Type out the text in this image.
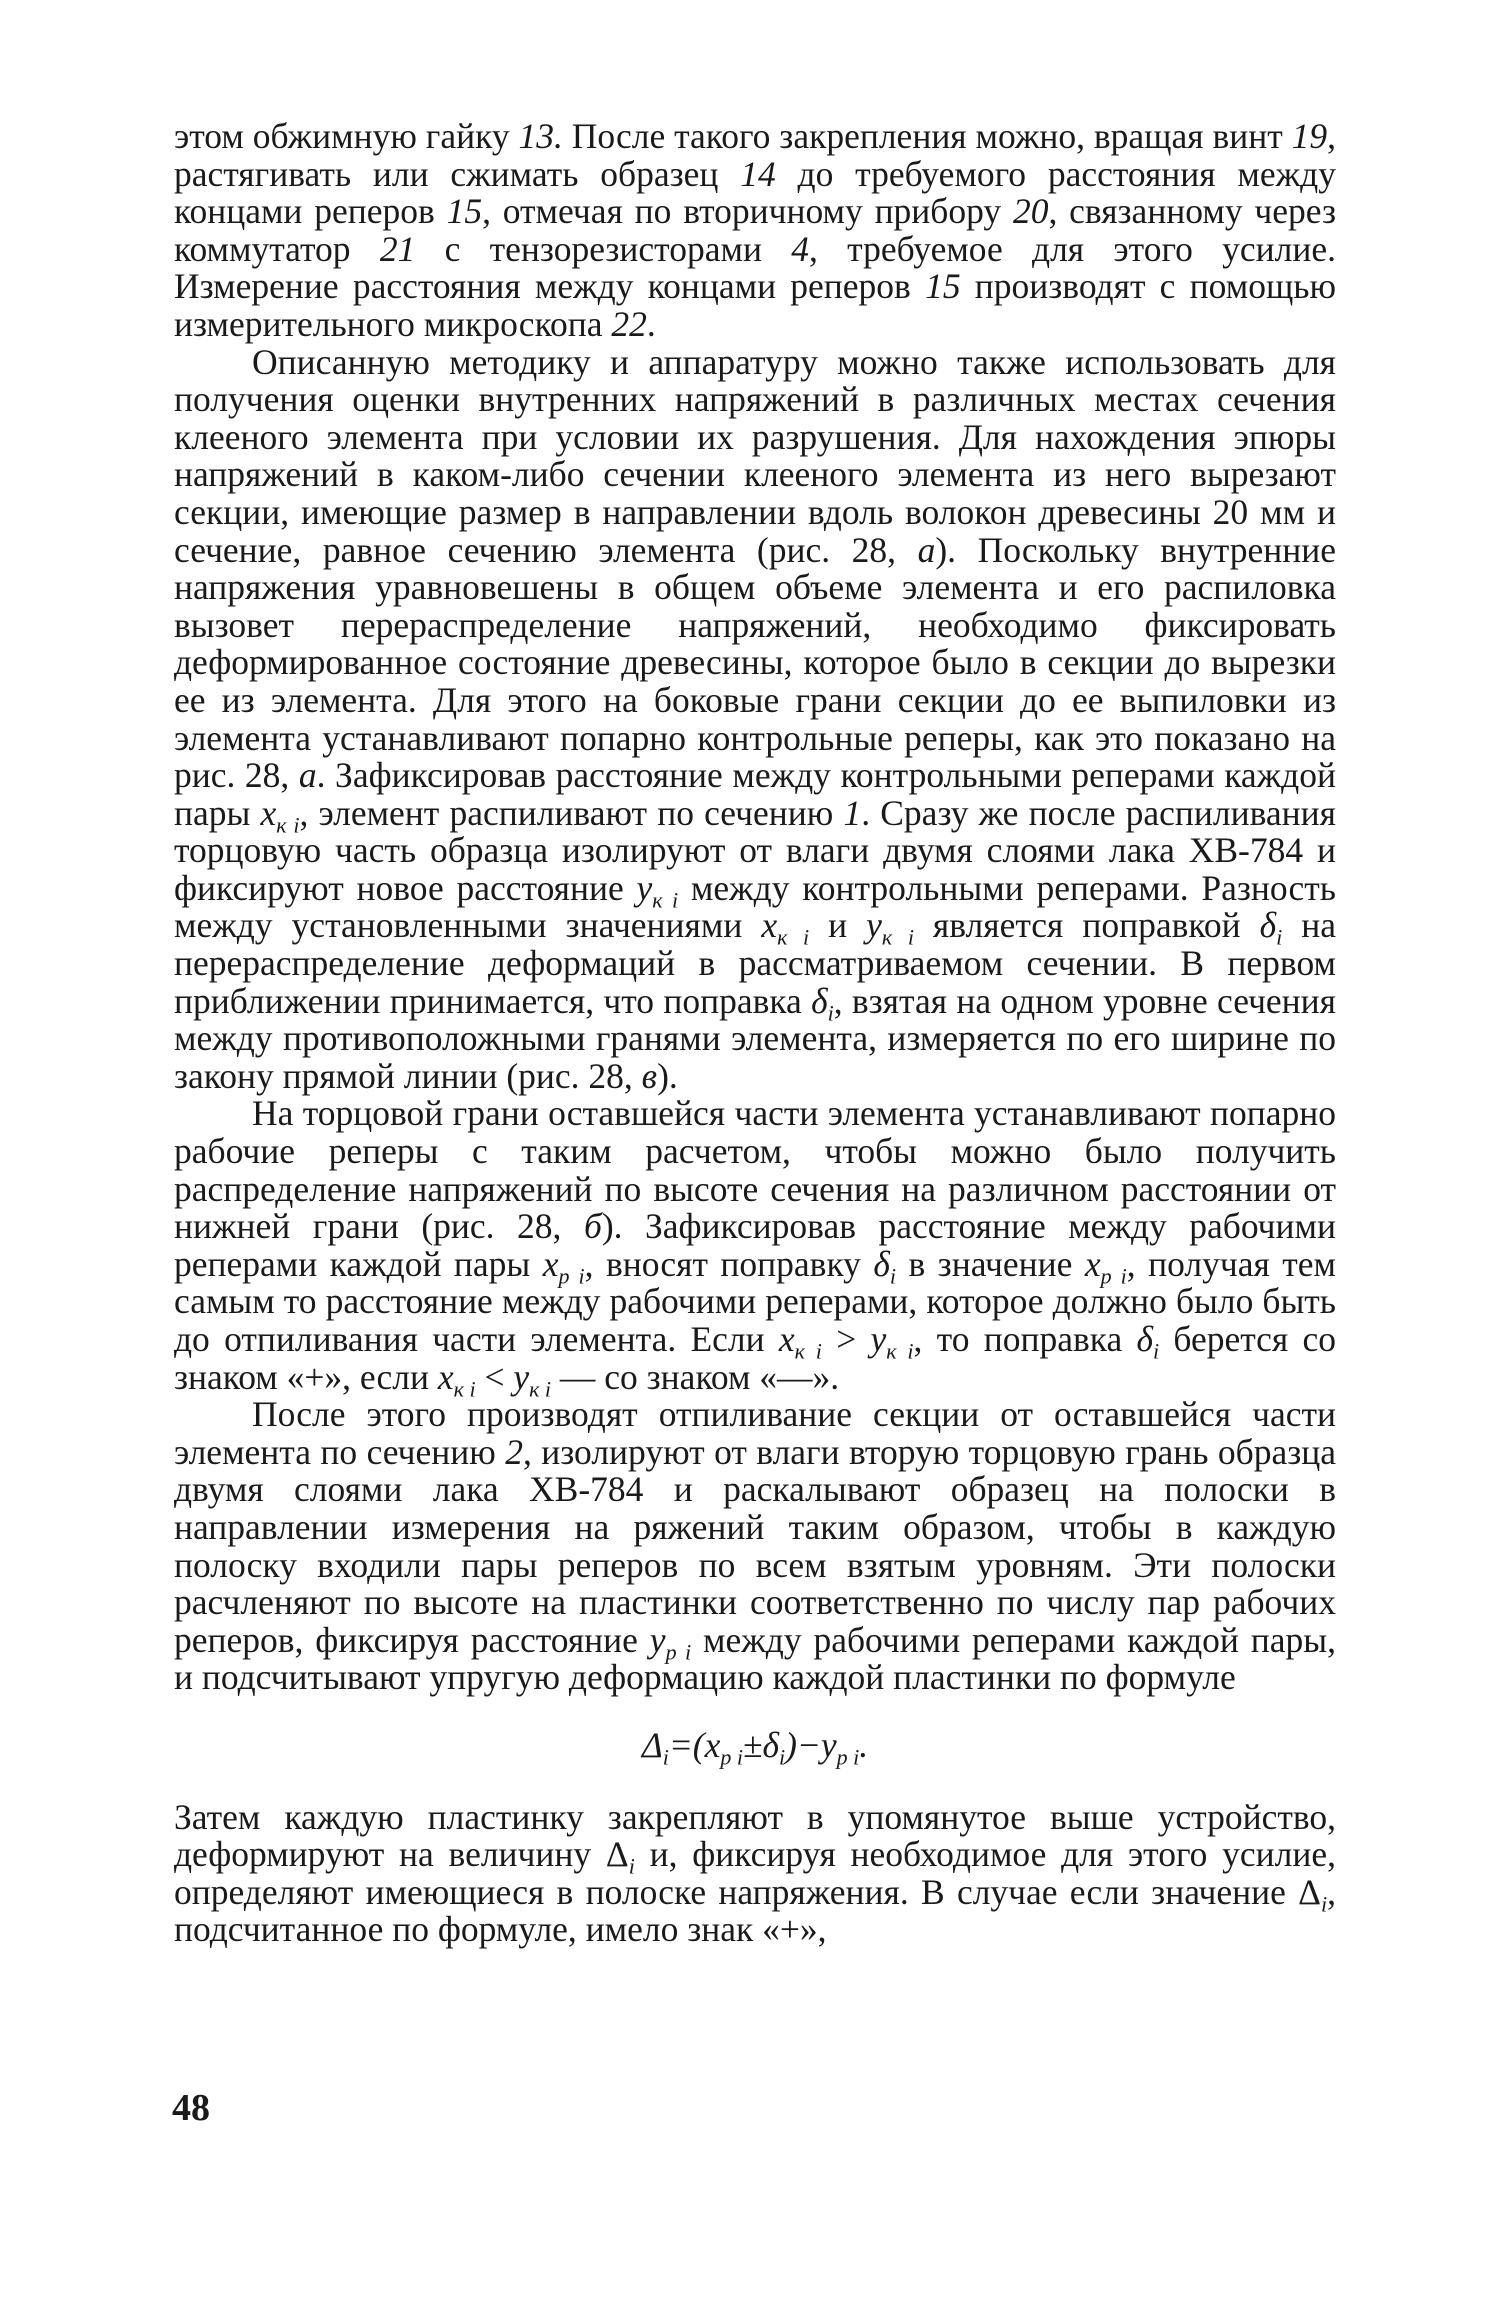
этом обжимную гайку 13. После такого закрепления можно, вращая винт 19, растягивать или сжимать образец 14 до требуемого расстояния между концами реперов 15, отмечая по вторичному прибору 20, связанному через коммутатор 21 с тензорезисторами 4, требуемое для этого усилие. Измерение расстояния между концами реперов 15 производят с помощью измерительного микроскопа 22.

Описанную методику и аппаратуру можно также использовать для получения оценки внутренних напряжений в различных местах сечения клееного элемента при условии их разрушения. Для нахождения эпюры напряжений в каком-либо сечении клееного элемента из него вырезают секции, имеющие размер в направлении вдоль волокон древесины 20 мм и сечение, равное сечению элемента (рис. 28, а). Поскольку внутренние напряжения уравновешены в общем объеме элемента и его распиловка вызовет перераспределение напряжений, необходимо фиксировать деформированное состояние древесины, которое было в секции до вырезки ее из элемента. Для этого на боковые грани секции до ее выпиловки из элемента устанавливают попарно контрольные реперы, как это показано на рис. 28, а. Зафиксировав расстояние между контрольными реперами каждой пары $x_{к i}$, элемент распиливают по сечению 1. Сразу же после распиливания торцовую часть образца изолируют от влаги двумя слоями лака ХВ-784 и фиксируют новое расстояние $y_{к i}$ между контрольными реперами. Разность между установленными значениями $x_{к i}$ и $y_{к i}$ является поправкой $\delta_i$ на перераспределение деформаций в рассматриваемом сечении. В первом приближении принимается, что поправка $\delta_i$, взятая на одном уровне сечения между противоположными гранями элемента, измеряется по его ширине по закону прямой линии (рис. 28, в).

На торцовой грани оставшейся части элемента устанавливают попарно рабочие реперы с таким расчетом, чтобы можно было получить распределение напряжений по высоте сечения на различном расстоянии от нижней грани (рис. 28, б). Зафиксировав расстояние между рабочими реперами каждой пары $x_{р i}$, вносят поправку $\delta_i$ в значение $x_{р i}$, получая тем самым то расстояние между рабочими реперами, которое должно было быть до отпиливания части элемента. Если $x_{к i} > y_{к i}$, то поправка $\delta_i$ берется со знаком «+», если $x_{к i} < y_{к i}$ — со знаком «—».

После этого производят отпиливание секции от оставшейся части элемента по сечению 2, изолируют от влаги вторую торцовую грань образца двумя слоями лака ХВ-784 и раскалывают образец на полоски в направлении измерения на ряжений таким образом, чтобы в каждую полоску входили пары реперов по всем взятым уровням. Эти полоски расчленяют по высоте на пластинки соответственно по числу пар рабочих реперов, фиксируя расстояние $y_{р i}$ между рабочими реперами каждой пары, и подсчитывают упругую деформацию каждой пластинки по формуле

$\Delta_i=(x_{р i}\pm\delta_i)-y_{р i}$.

Затем каждую пластинку закрепляют в упомянутое выше устройство, деформируют на величину $\Delta_i$ и, фиксируя необходимое для этого усилие, определяют имеющиеся в полоске напряжения. В случае если значение $\Delta_i$, подсчитанное по формуле, имело знак «+»,

48
